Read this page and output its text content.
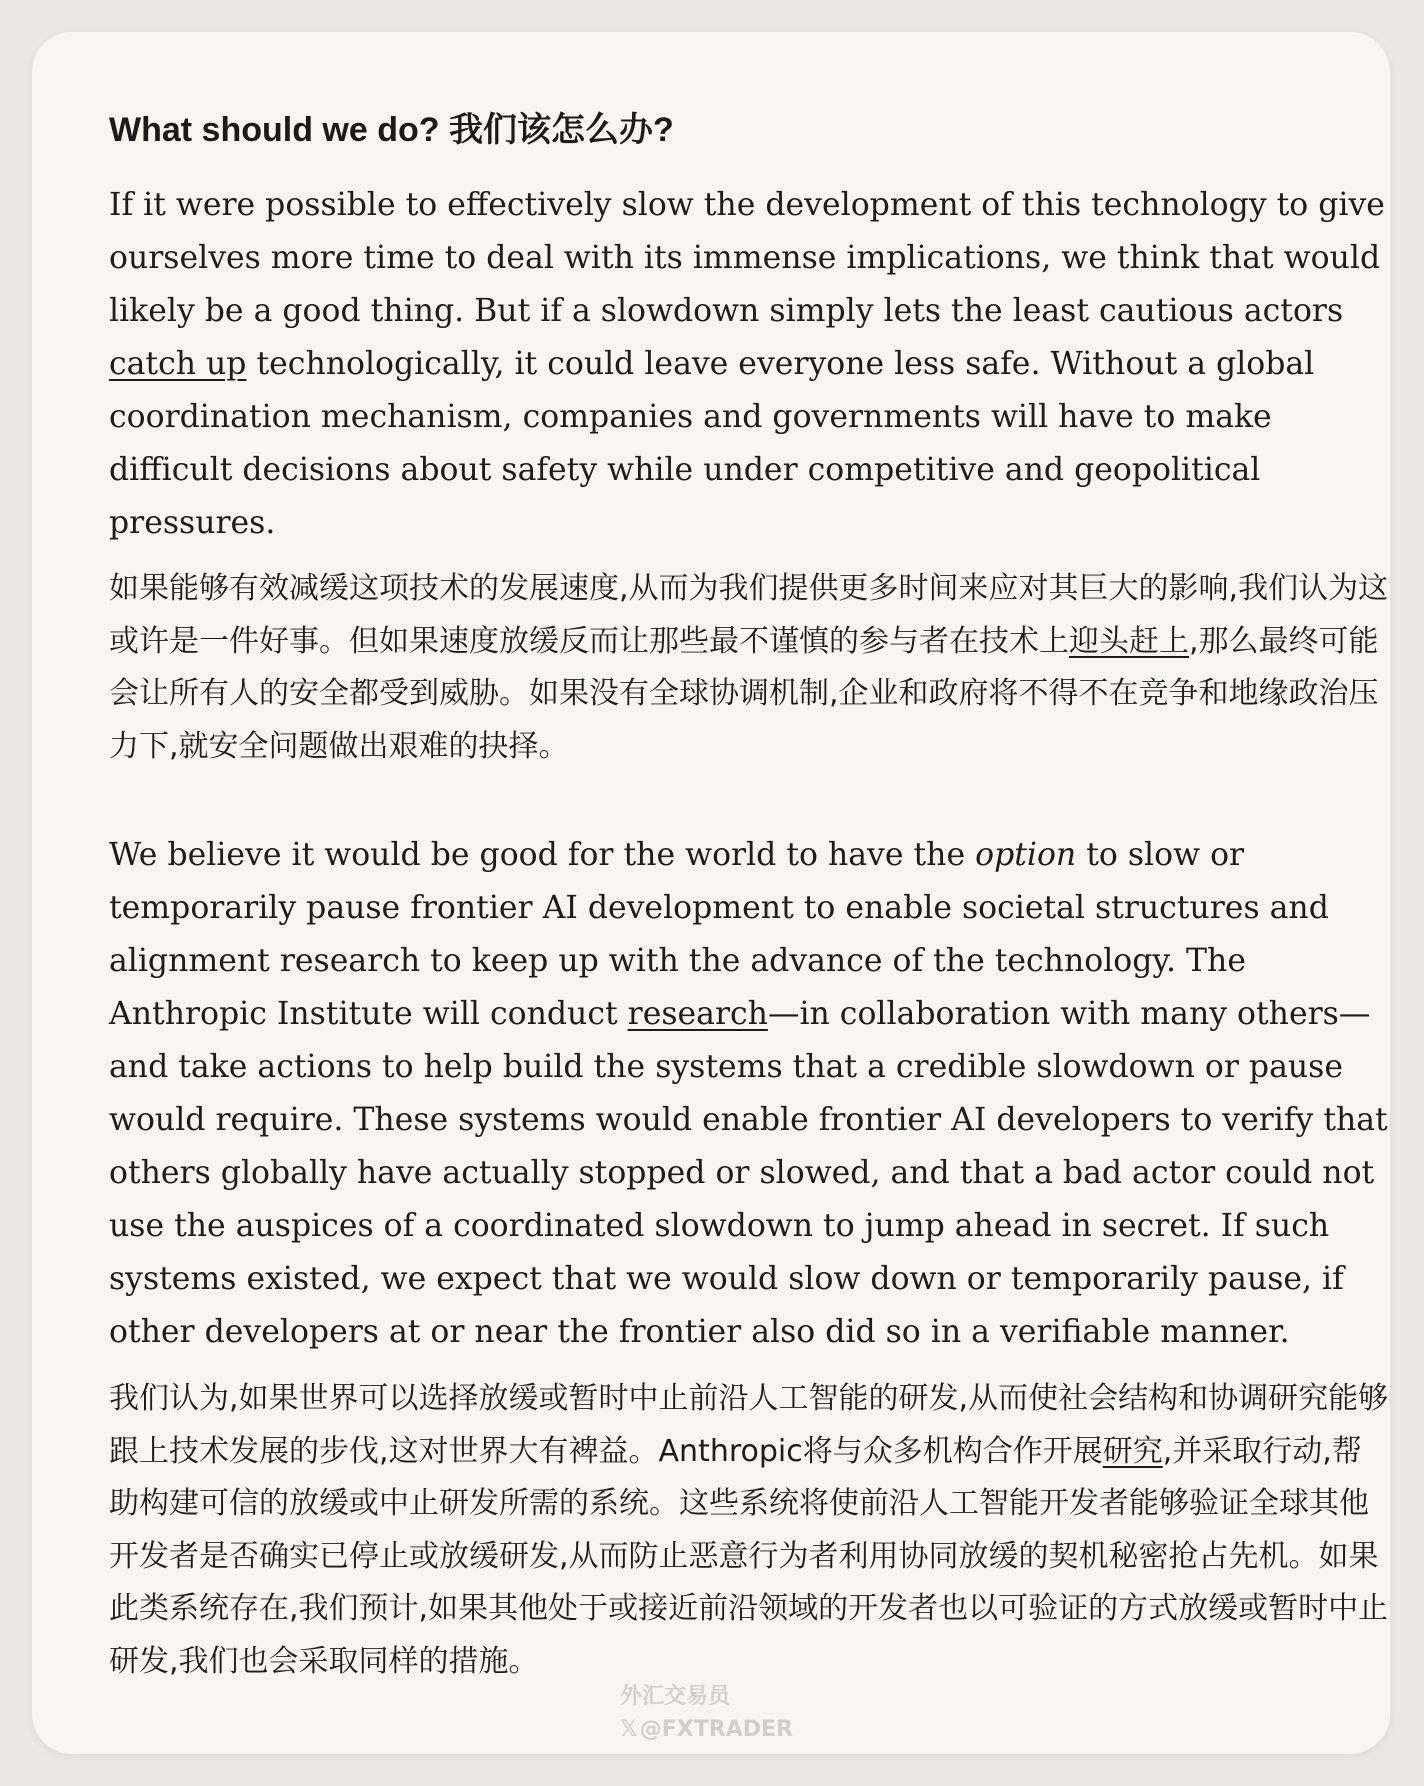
What should we do? 我们该怎么办?

If it were possible to effectively slow the development of this technology to give ourselves more time to deal with its immense implications, we think that would likely be a good thing. But if a slowdown simply lets the least cautious actors catch up technologically, it could leave everyone less safe. Without a global coordination mechanism, companies and governments will have to make difficult decisions about safety while under competitive and geopolitical pressures.

如果能够有效减缓这项技术的发展速度,从而为我们提供更多时间来应对其巨大的影响,我们认为这或许是一件好事。但如果速度放缓反而让那些最不谨慎的参与者在技术上迎头赶上,那么最终可能会让所有人的安全都受到威胁。如果没有全球协调机制,企业和政府将不得不在竞争和地缘政治压力下,就安全问题做出艰难的抉择。

We believe it would be good for the world to have the option to slow or temporarily pause frontier AI development to enable societal structures and alignment research to keep up with the advance of the technology. The Anthropic Institute will conduct research—in collaboration with many others—and take actions to help build the systems that a credible slowdown or pause would require. These systems would enable frontier AI developers to verify that others globally have actually stopped or slowed, and that a bad actor could not use the auspices of a coordinated slowdown to jump ahead in secret. If such systems existed, we expect that we would slow down or temporarily pause, if other developers at or near the frontier also did so in a verifiable manner.

我们认为,如果世界可以选择放缓或暂时中止前沿人工智能的研发,从而使社会结构和协调研究能够跟上技术发展的步伐,这对世界大有裨益。Anthropic将与众多机构合作开展研究,并采取行动,帮助构建可信的放缓或中止研发所需的系统。这些系统将使前沿人工智能开发者能够验证全球其他开发者是否确实已停止或放缓研发,从而防止恶意行为者利用协同放缓的契机秘密抢占先机。如果此类系统存在,我们预计,如果其他处于或接近前沿领域的开发者也以可验证的方式放缓或暂时中止研发,我们也会采取同样的措施。

外汇交易员
𝕏@FXTRADER
